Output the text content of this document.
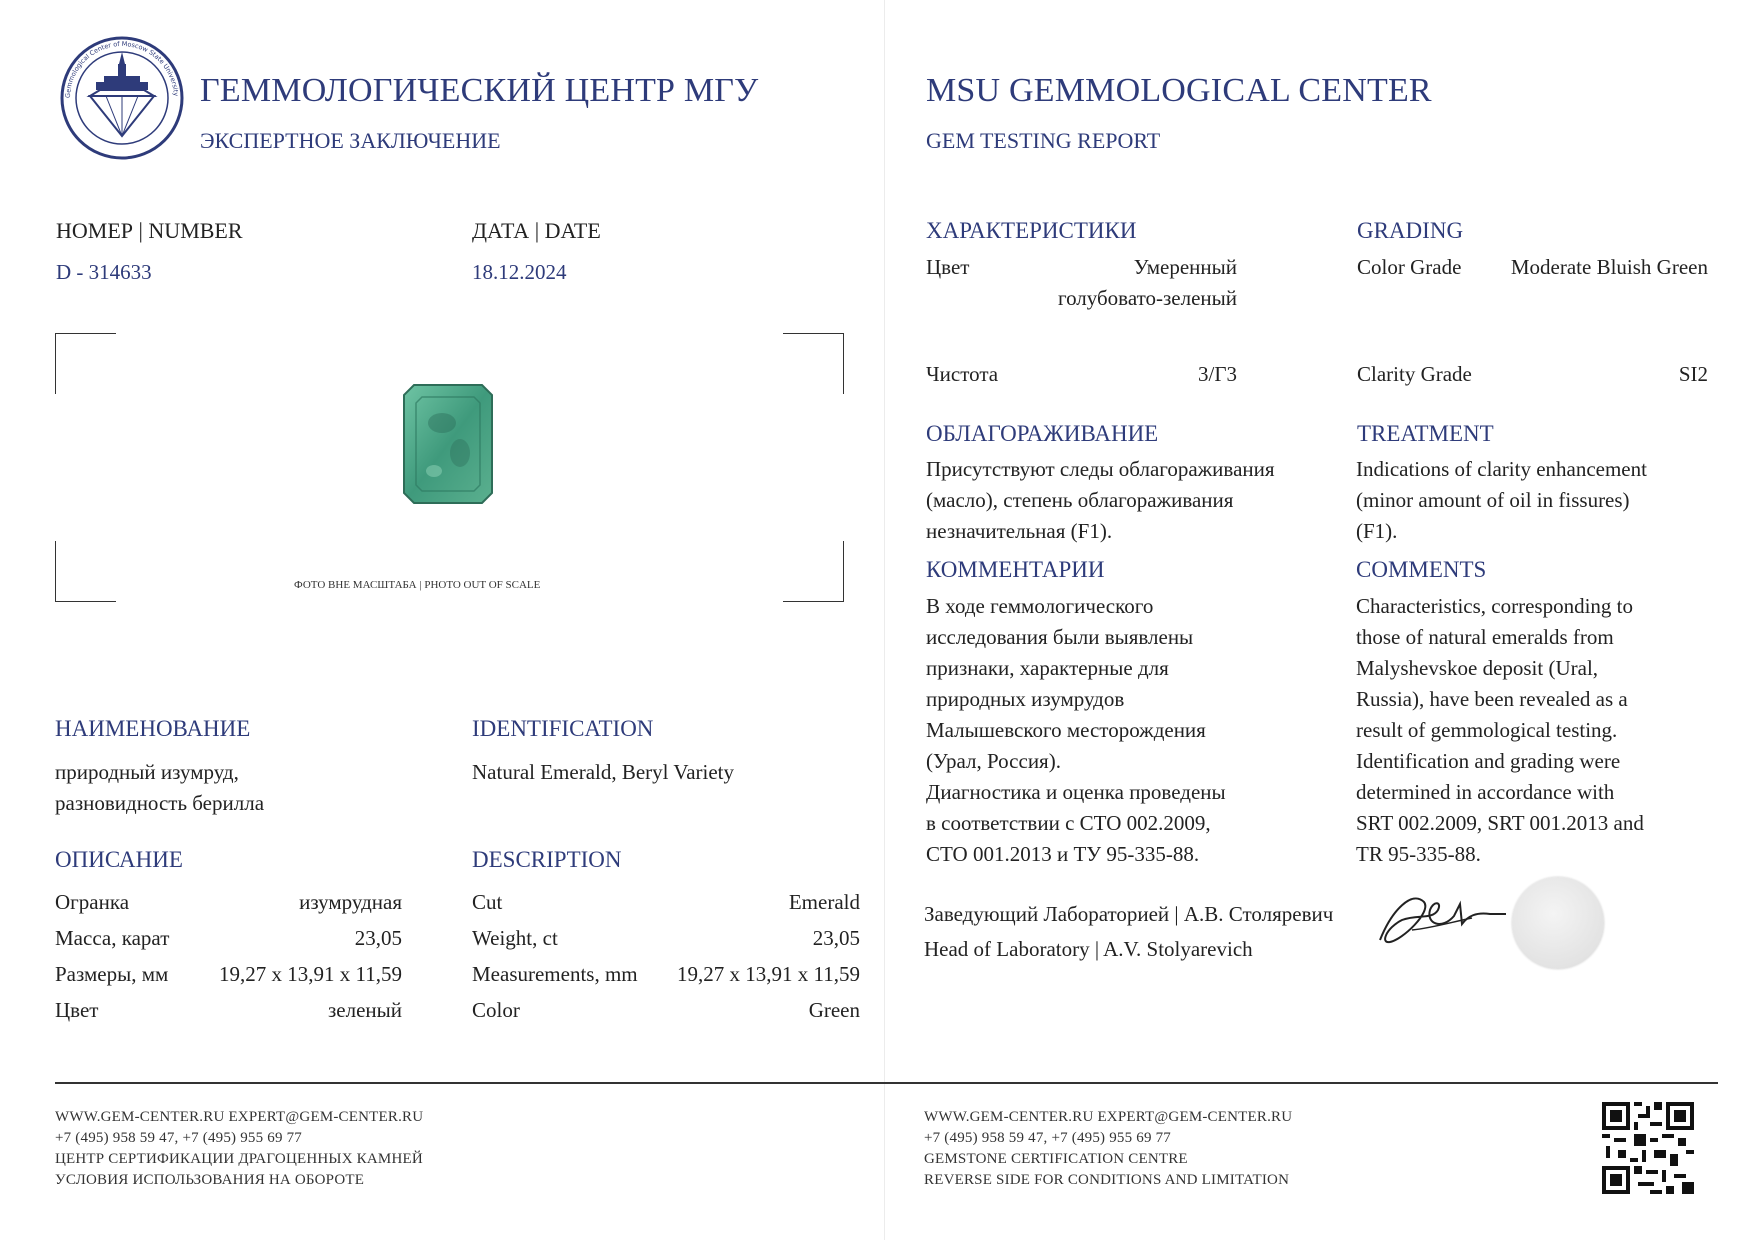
Gemmological Center of Moscow State University ГЕММОЛОГИЧЕСКИЙ ЦЕНТР МГУ
ЭКСПЕРТНОЕ ЗАКЛЮЧЕНИЕ
НОМЕР | NUMBER
D - 314633
ДАТА | DATE
18.12.2024
ФОТО ВНЕ МАСШТАБА | PHOTO OUT OF SCALE
НАИМЕНОВАНИЕ	IDENTIFICATION
природный изумруд,
разновидность берилла
Natural Emerald, Beryl Variety
ОПИСАНИЕ	DESCRIPTION
Огранка	изумрудная
Масса, карат	23,05
Размеры, мм 19,27 x 13,91 x 11,59
Цвет	зеленый
Cut	Emerald
Weight, ct	23,05
Measurements, mm 19,27 x 13,91 x 11,59
Color	Green
WWW.GEM-CENTER.RU EXPERT@GEM-CENTER.RU
+7 (495) 958 59 47, +7 (495) 955 69 77
ЦЕНТР СЕРТИФИКАЦИИ ДРАГОЦЕННЫХ КАМНЕЙ
УСЛОВИЯ ИСПОЛЬЗОВАНИЯ НА ОБОРОТЕ
MSU GEMMOLOGICAL CENTER
GEM TESTING REPORT
ХАРАКТЕРИСТИКИ	GRADING
Цвет	Умеренный
голубовато-зеленый
Color Grade	Moderate Bluish Green
Чистота	3/Г3	Clarity Grade	SI2
ОБЛАГОРАЖИВАНИЕ	TREATMENT
Присутствуют следы облагораживания
(масло), степень облагораживания
незначительная (F1).
Indications of clarity enhancement
(minor amount of oil in fissures)
(F1).
КОММЕНТАРИИ	COMMENTS
В ходе геммологического
исследования были выявлены
признаки, характерные для
природных изумрудов
Малышевского месторождения
(Урал, Россия).
Диагностика и оценка проведены
в соответствии с СТО 002.2009,
СТО 001.2013 и ТУ 95-335-88.
Characteristics, corresponding to
those of natural emeralds from
Malyshevskoe deposit (Ural,
Russia), have been revealed as a
result of gemmological testing.
Identification and grading were
determined in accordance with
SRT 002.2009, SRT 001.2013 and
TR 95-335-88.
Заведующий Лабораторией | А.В. Столяревич
Head of Laboratory | A.V. Stolyarevich
WWW.GEM-CENTER.RU EXPERT@GEM-CENTER.RU
+7 (495) 958 59 47, +7 (495) 955 69 77
GEMSTONE CERTIFICATION CENTRE
REVERSE SIDE FOR CONDITIONS AND LIMITATION
